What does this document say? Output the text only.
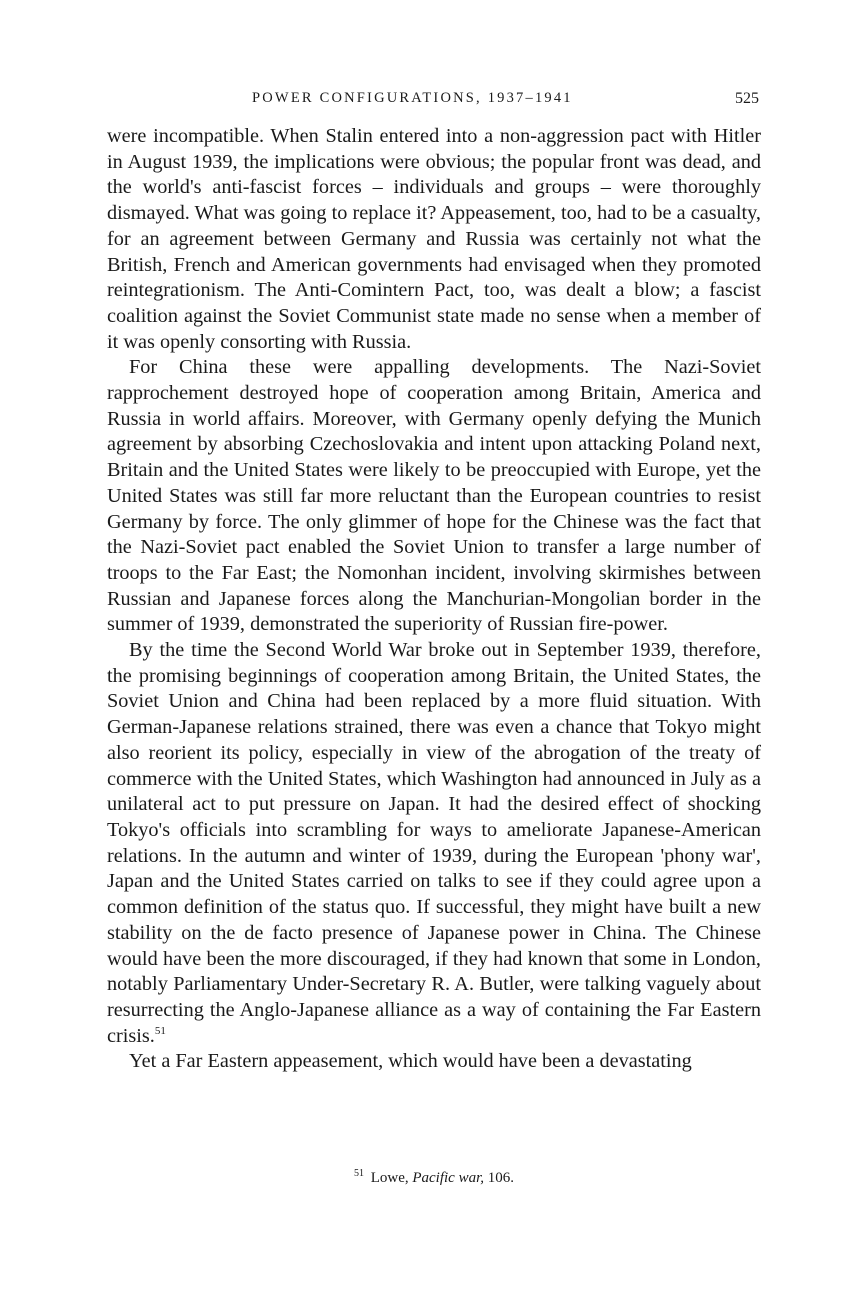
POWER CONFIGURATIONS, 1937–1941	525

were incompatible. When Stalin entered into a non-aggression pact with Hitler in August 1939, the implications were obvious; the popular front was dead, and the world's anti-fascist forces – individuals and groups – were thoroughly dismayed. What was going to replace it? Appeasement, too, had to be a casualty, for an agreement between Germany and Russia was certainly not what the British, French and American governments had envisaged when they promoted reintegrationism. The Anti-Comintern Pact, too, was dealt a blow; a fascist coalition against the Soviet Communist state made no sense when a member of it was openly consorting with Russia.

For China these were appalling developments. The Nazi-Soviet rapprochement destroyed hope of cooperation among Britain, America and Russia in world affairs. Moreover, with Germany openly defying the Munich agreement by absorbing Czechoslovakia and intent upon attacking Poland next, Britain and the United States were likely to be preoccupied with Europe, yet the United States was still far more reluctant than the European countries to resist Germany by force. The only glimmer of hope for the Chinese was the fact that the Nazi-Soviet pact enabled the Soviet Union to transfer a large number of troops to the Far East; the Nomonhan incident, involving skirmishes between Russian and Japanese forces along the Manchurian-Mongolian border in the summer of 1939, demonstrated the superiority of Russian fire-power.

By the time the Second World War broke out in September 1939, therefore, the promising beginnings of cooperation among Britain, the United States, the Soviet Union and China had been replaced by a more fluid situation. With German-Japanese relations strained, there was even a chance that Tokyo might also reorient its policy, especially in view of the abrogation of the treaty of commerce with the United States, which Washington had announced in July as a unilateral act to put pressure on Japan. It had the desired effect of shocking Tokyo's officials into scrambling for ways to ameliorate Japanese-American relations. In the autumn and winter of 1939, during the European 'phony war', Japan and the United States carried on talks to see if they could agree upon a common definition of the status quo. If successful, they might have built a new stability on the de facto presence of Japanese power in China. The Chinese would have been the more discouraged, if they had known that some in London, notably Parliamentary Under-Secretary R. A. Butler, were talking vaguely about resurrecting the Anglo-Japanese alliance as a way of containing the Far Eastern crisis.$^{51}$

Yet a Far Eastern appeasement, which would have been a devastating

$^{51}$ Lowe, Pacific war, 106.
